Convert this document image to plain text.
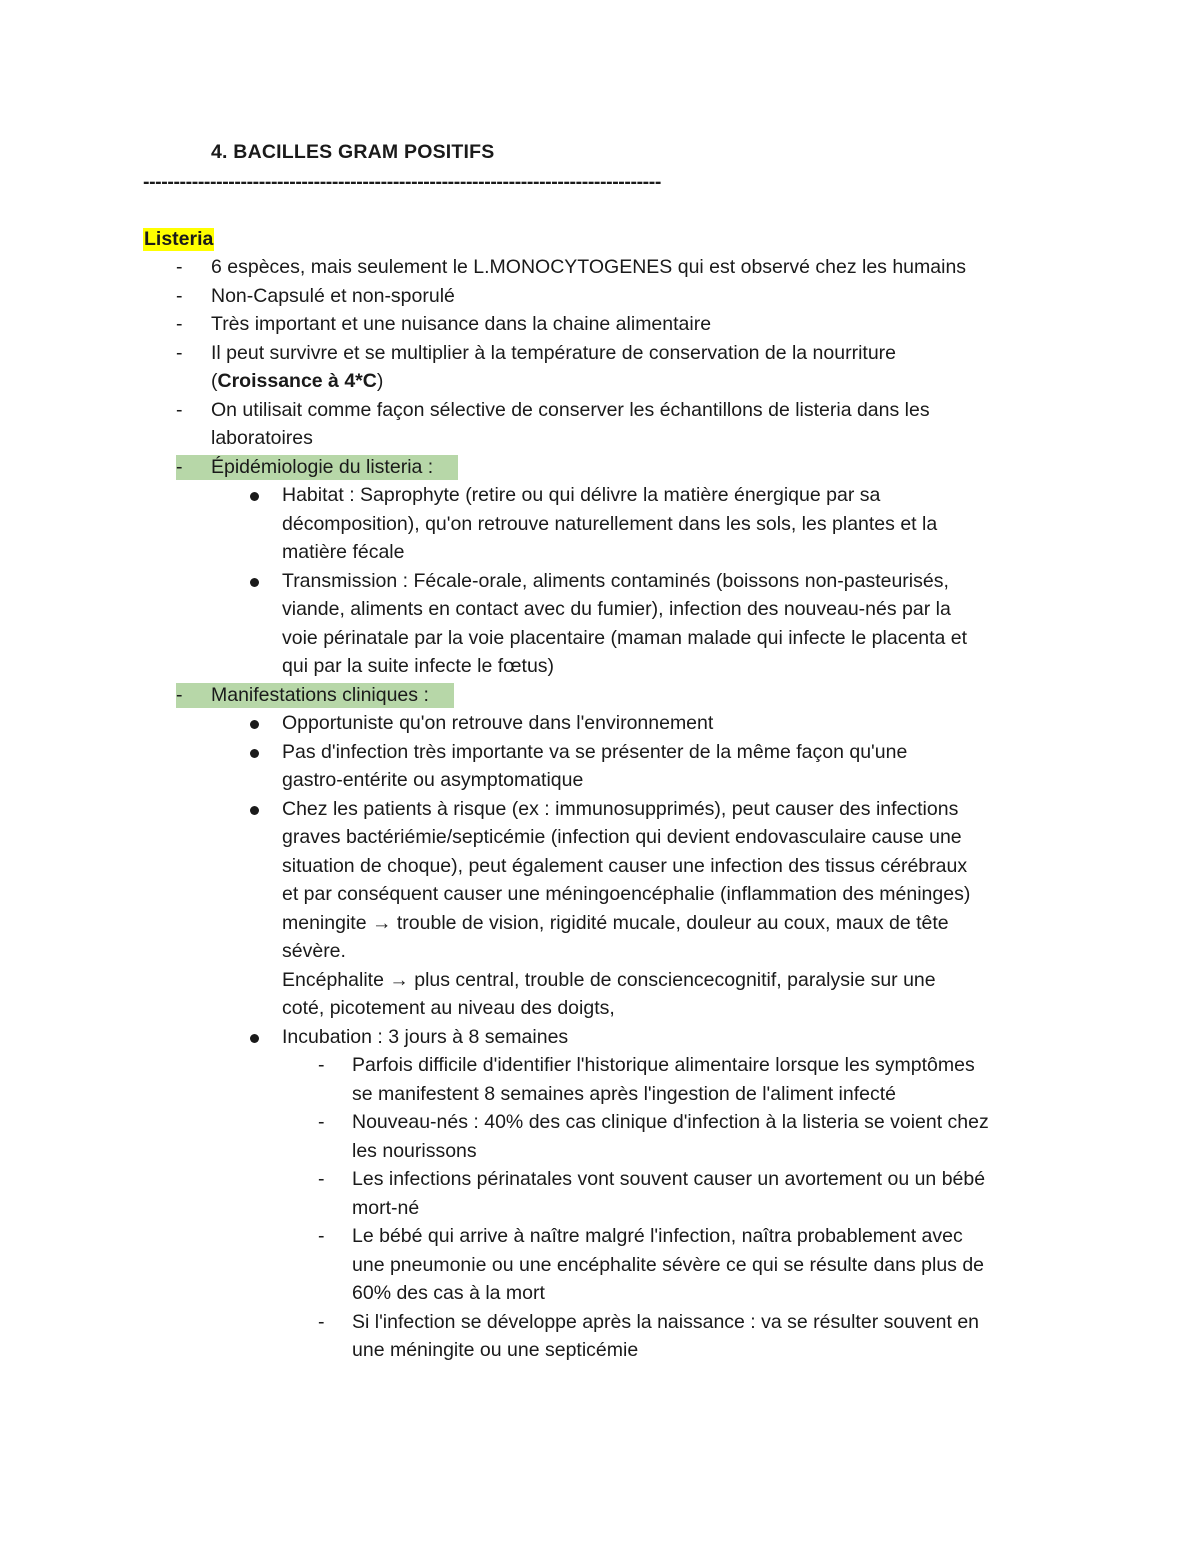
4. BACILLES GRAM POSITIFS
-------------------------------------------------------------------------------------
Listeria
-	6 espèces, mais seulement le L.MONOCYTOGENES qui est observé chez les humains
-	Non-Capsulé et non-sporulé
-	Très important et une nuisance dans la chaine alimentaire
-	Il peut survivre et se multiplier à la température de conservation de la nourriture
(Croissance à 4*C)
-	On utilisait comme façon sélective de conserver les échantillons de listeria dans les
laboratoires
-	Épidémiologie du listeria :
Habitat : Saprophyte (retire ou qui délivre la matière énergique par sa
décomposition), qu'on retrouve naturellement dans les sols, les plantes et la
matière fécale
Transmission : Fécale-orale, aliments contaminés (boissons non-pasteurisés,
viande, aliments en contact avec du fumier), infection des nouveau-nés par la
voie périnatale par la voie placentaire (maman malade qui infecte le placenta et
qui par la suite infecte le fœtus)
-	Manifestations cliniques :
Opportuniste qu'on retrouve dans l'environnement
Pas d'infection très importante va se présenter de la même façon qu'une
gastro-entérite ou asymptomatique
Chez les patients à risque (ex : immunosupprimés), peut causer des infections
graves bactériémie/septicémie (infection qui devient endovasculaire cause une
situation de choque), peut également causer une infection des tissus cérébraux
et par conséquent causer une méningoencéphalie (inflammation des méninges)
meningite → trouble de vision, rigidité mucale, douleur au coux, maux de tête
sévère.
Encéphalite → plus central, trouble de consciencecognitif, paralysie sur une
coté, picotement au niveau des doigts,
Incubation : 3 jours à 8 semaines
-	Parfois difficile d'identifier l'historique alimentaire lorsque les symptômes
se manifestent 8 semaines après l'ingestion de l'aliment infecté
-	Nouveau-nés : 40% des cas clinique d'infection à la listeria se voient chez
les nourissons
-	Les infections périnatales vont souvent causer un avortement ou un bébé
mort-né
-	Le bébé qui arrive à naître malgré l'infection, naîtra probablement avec
une pneumonie ou une encéphalite sévère ce qui se résulte dans plus de
60% des cas à la mort
-	Si l'infection se développe après la naissance : va se résulter souvent en
une méningite ou une septicémie
